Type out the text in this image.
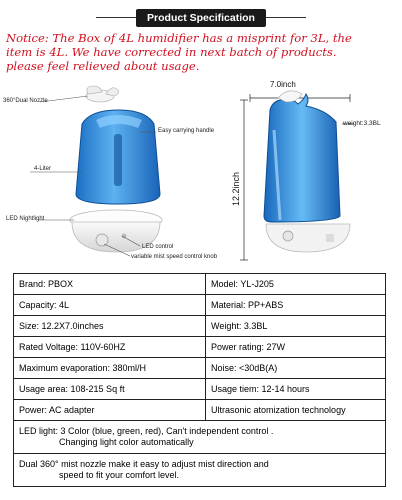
Product Specification
Notice: The Box of 4L humidifier has a misprint for 3L, the
item is 4L. We have corrected in next batch of products.
please feel relieved about usage.
360°Dual Nozzle
Easy carrying handle
4-Liter
LED Nightlight
LED control
variable mist speed control knob
7.0inch
12.2inch
weight:3.3BL
Brand: PBOX	Model: YL-J205
Capacity: 4L	Material: PP+ABS
Size: 12.2X7.0inches	Weight: 3.3BL
Rated Voltage: 110V-60HZ	Power rating: 27W
Maximum evaporation: 380ml/H	Noise: <30dB(A)
Usage area: 108-215 Sq ft	Usage tiem: 12-14 hours
Power: AC adapter	Ultrasonic atomization technology

LED light: 3 Color (blue, green, red), Can't independent control .
Changing light color automatically	

Dual 360° mist nozzle make it easy to adjust mist direction and
speed to fit your comfort level.	
